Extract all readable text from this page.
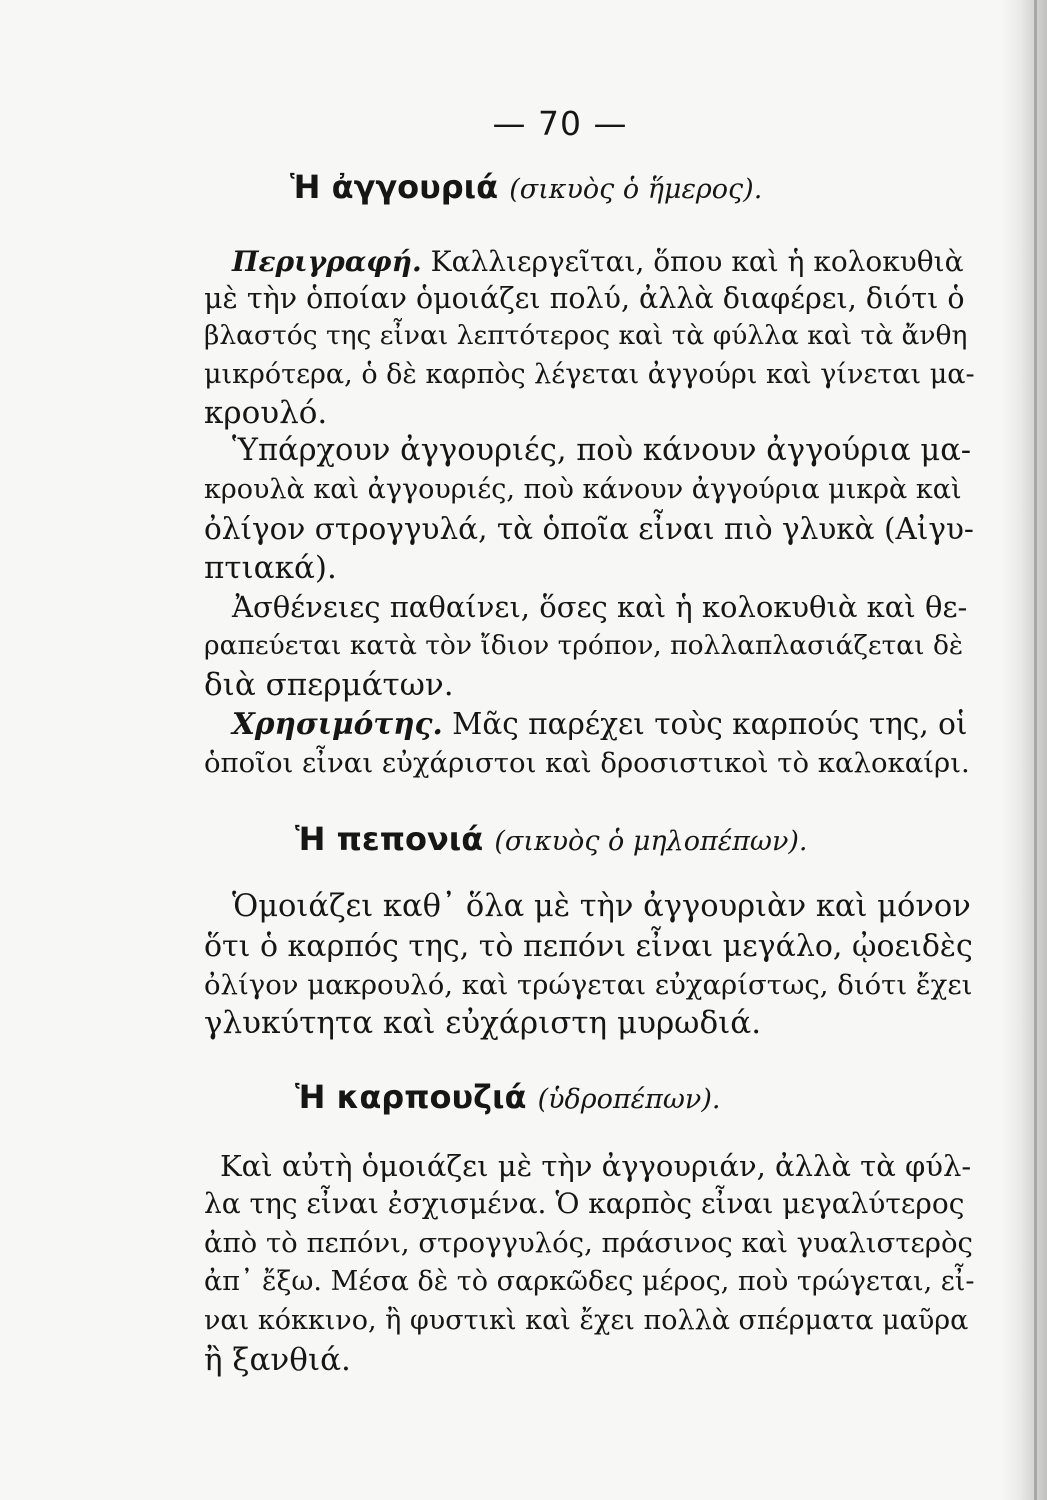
— 70 —
Ἡ ἀγγουριά (σικυὸς ὁ ἥμερος).
Περιγραφή. Καλλιεργεῖται, ὅπου καὶ ἡ κολοκυθιὰ
μὲ τὴν ὁποίαν ὁμοιάζει πολύ, ἀλλὰ διαφέρει, διότι ὁ
βλαστός της εἶναι λεπτότερος καὶ τὰ φύλλα καὶ τὰ ἄνθη
μικρότερα, ὁ δὲ καρπὸς λέγεται ἀγγούρι καὶ γίνεται μα-
κρουλό.
Ὑπάρχουν ἀγγουριές, ποὺ κάνουν ἀγγούρια μα-
κρουλὰ καὶ ἀγγουριές, ποὺ κάνουν ἀγγούρια μικρὰ καὶ
ὀλίγον στρογγυλά, τὰ ὁποῖα εἶναι πιὸ γλυκὰ (Αἰγυ-
πτιακά).
Ἀσθένειες παθαίνει, ὅσες καὶ ἡ κολοκυθιὰ καὶ θε-
ραπεύεται κατὰ τὸν ἴδιον τρόπον, πολλαπλασιάζεται δὲ
διὰ σπερμάτων.
Χρησιμότης. Μᾶς παρέχει τοὺς καρπούς της, οἱ
ὁποῖοι εἶναι εὐχάριστοι καὶ δροσιστικοὶ τὸ καλοκαίρι.
Ἡ πεπονιά (σικυὸς ὁ μηλοπέπων).
Ὁμοιάζει καθ᾿ ὅλα μὲ τὴν ἀγγουριὰν καὶ μόνον
ὅτι ὁ καρπός της, τὸ πεπόνι εἶναι μεγάλο, ᾠοειδὲς
ὀλίγον μακρουλό, καὶ τρώγεται εὐχαρίστως, διότι ἔχει
γλυκύτητα καὶ εὐχάριστη μυρωδιά.
Ἡ καρπουζιά (ὑδροπέπων).
Καὶ αὐτὴ ὁμοιάζει μὲ τὴν ἀγγουριάν, ἀλλὰ τὰ φύλ-
λα της εἶναι ἐσχισμένα. Ὁ καρπὸς εἶναι μεγαλύτερος
ἀπὸ τὸ πεπόνι, στρογγυλός, πράσινος καὶ γυαλιστερὸς
ἀπ᾿ ἔξω. Μέσα δὲ τὸ σαρκῶδες μέρος, ποὺ τρώγεται, εἶ-
ναι κόκκινο, ἢ φυστικὶ καὶ ἔχει πολλὰ σπέρματα μαῦρα
ἢ ξανθιά.
